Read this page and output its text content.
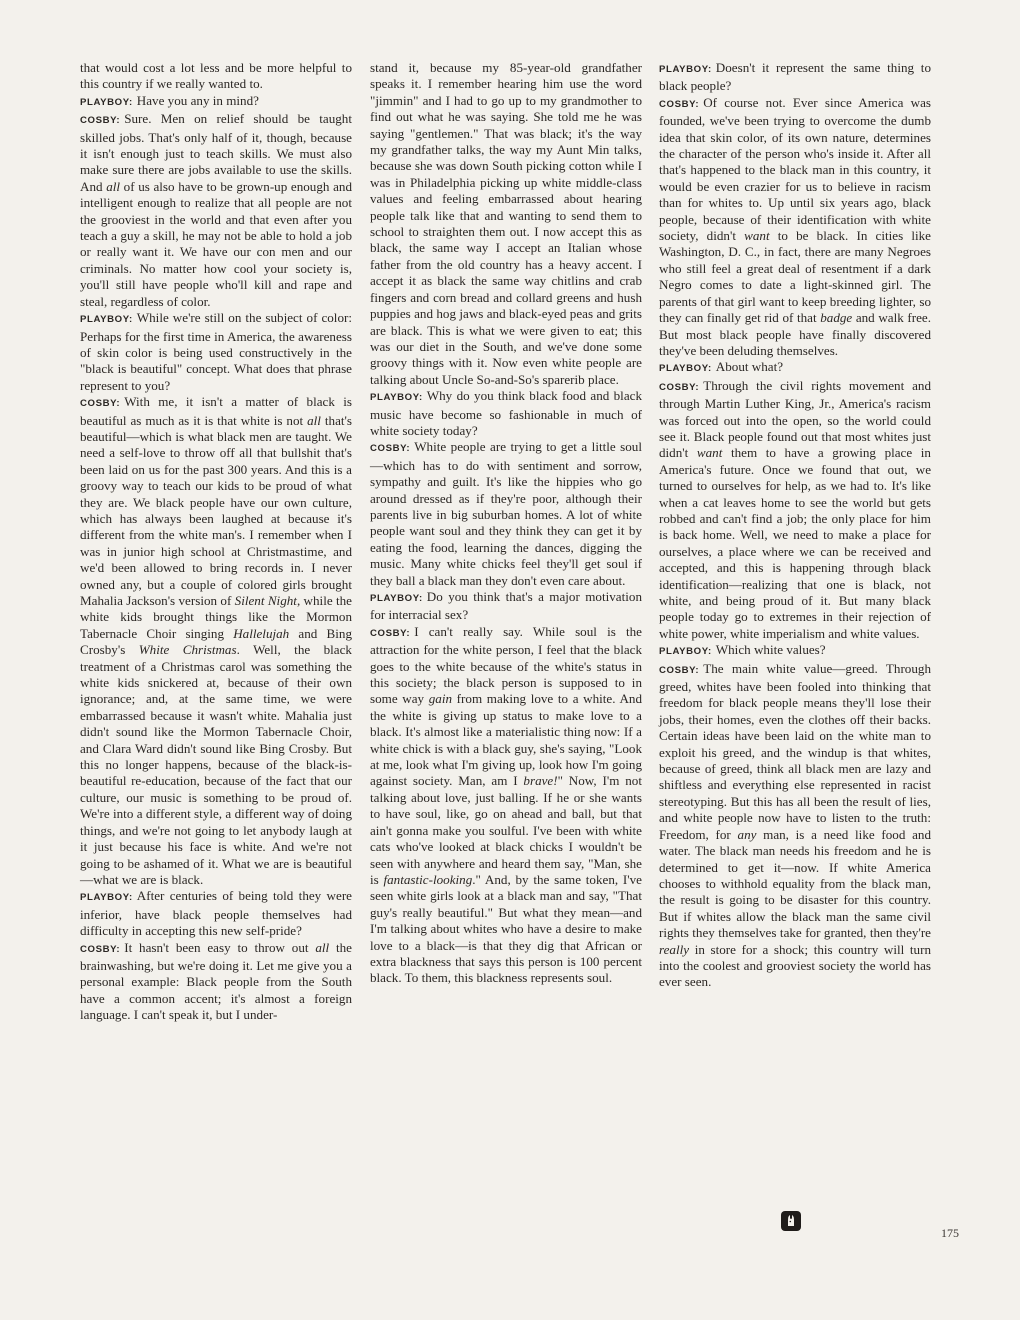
that would cost a lot less and be more helpful to this country if we really wanted to.

PLAYBOY: Have you any in mind?

COSBY: Sure. Men on relief should be taught skilled jobs. That's only half of it, though, because it isn't enough just to teach skills. We must also make sure there are jobs available to use the skills. And all of us also have to be grown-up enough and intelligent enough to realize that all people are not the grooviest in the world and that even after you teach a guy a skill, he may not be able to hold a job or really want it. We have our con men and our criminals. No matter how cool your society is, you'll still have people who'll kill and rape and steal, regardless of color.

PLAYBOY: While we're still on the subject of color: Perhaps for the first time in America, the awareness of skin color is being used constructively in the "black is beautiful" concept. What does that phrase represent to you?

COSBY: With me, it isn't a matter of black is beautiful as much as it is that white is not all that's beautiful—which is what black men are taught. We need a self-love to throw off all that bullshit that's been laid on us for the past 300 years. And this is a groovy way to teach our kids to be proud of what they are. We black people have our own culture, which has always been laughed at because it's different from the white man's. I remember when I was in junior high school at Christmastime, and we'd been allowed to bring records in. I never owned any, but a couple of colored girls brought Mahalia Jackson's version of Silent Night, while the white kids brought things like the Mormon Tabernacle Choir singing Hallelujah and Bing Crosby's White Christmas. Well, the black treatment of a Christmas carol was something the white kids snickered at, because of their own ignorance; and, at the same time, we were embarrassed because it wasn't white. Mahalia just didn't sound like the Mormon Tabernacle Choir, and Clara Ward didn't sound like Bing Crosby. But this no longer happens, because of the black-is-beautiful re-education, because of the fact that our culture, our music is something to be proud of. We're into a different style, a different way of doing things, and we're not going to let anybody laugh at it just because his face is white. And we're not going to be ashamed of it. What we are is beautiful—what we are is black.

PLAYBOY: After centuries of being told they were inferior, have black people themselves had difficulty in accepting this new self-pride?

COSBY: It hasn't been easy to throw out all the brainwashing, but we're doing it. Let me give you a personal example: Black people from the South have a common accent; it's almost a foreign language. I can't speak it, but I under-

stand it, because my 85-year-old grandfather speaks it. I remember hearing him use the word "jimmin" and I had to go up to my grandmother to find out what he was saying. She told me he was saying "gentlemen." That was black; it's the way my grandfather talks, the way my Aunt Min talks, because she was down South picking cotton while I was in Philadelphia picking up white middle-class values and feeling embarrassed about hearing people talk like that and wanting to send them to school to straighten them out. I now accept this as black, the same way I accept an Italian whose father from the old country has a heavy accent. I accept it as black the same way chitlins and crab fingers and corn bread and collard greens and hush puppies and hog jaws and black-eyed peas and grits are black. This is what we were given to eat; this was our diet in the South, and we've done some groovy things with it. Now even white people are talking about Uncle So-and-So's sparerib place.

PLAYBOY: Why do you think black food and black music have become so fashionable in much of white society today?

COSBY: White people are trying to get a little soul—which has to do with sentiment and sorrow, sympathy and guilt. It's like the hippies who go around dressed as if they're poor, although their parents live in big suburban homes. A lot of white people want soul and they think they can get it by eating the food, learning the dances, digging the music. Many white chicks feel they'll get soul if they ball a black man they don't even care about.

PLAYBOY: Do you think that's a major motivation for interracial sex?

COSBY: I can't really say. While soul is the attraction for the white person, I feel that the black goes to the white because of the white's status in this society; the black person is supposed to in some way gain from making love to a white. And the white is giving up status to make love to a black. It's almost like a materialistic thing now: If a white chick is with a black guy, she's saying, "Look at me, look what I'm giving up, look how I'm going against society. Man, am I brave!" Now, I'm not talking about love, just balling. If he or she wants to have soul, like, go on ahead and ball, but that ain't gonna make you soulful. I've been with white cats who've looked at black chicks I wouldn't be seen with anywhere and heard them say, "Man, she is fantastic-looking." And, by the same token, I've seen white girls look at a black man and say, "That guy's really beautiful." But what they mean—and I'm talking about whites who have a desire to make love to a black—is that they dig that African or extra blackness that says this person is 100 percent black. To them, this blackness represents soul.

PLAYBOY: Doesn't it represent the same thing to black people?

COSBY: Of course not. Ever since America was founded, we've been trying to overcome the dumb idea that skin color, of its own nature, determines the character of the person who's inside it. After all that's happened to the black man in this country, it would be even crazier for us to believe in racism than for whites to. Up until six years ago, black people, because of their identification with white society, didn't want to be black. In cities like Washington, D. C., in fact, there are many Negroes who still feel a great deal of resentment if a dark Negro comes to date a light-skinned girl. The parents of that girl want to keep breeding lighter, so they can finally get rid of that badge and walk free. But most black people have finally discovered they've been deluding themselves.

PLAYBOY: About what?

COSBY: Through the civil rights movement and through Martin Luther King, Jr., America's racism was forced out into the open, so the world could see it. Black people found out that most whites just didn't want them to have a growing place in America's future. Once we found that out, we turned to ourselves for help, as we had to. It's like when a cat leaves home to see the world but gets robbed and can't find a job; the only place for him is back home. Well, we need to make a place for ourselves, a place where we can be received and accepted, and this is happening through black identification—realizing that one is black, not white, and being proud of it. But many black people today go to extremes in their rejection of white power, white imperialism and white values.

PLAYBOY: Which white values?

COSBY: The main white value—greed. Through greed, whites have been fooled into thinking that freedom for black people means they'll lose their jobs, their homes, even the clothes off their backs. Certain ideas have been laid on the white man to exploit his greed, and the windup is that whites, because of greed, think all black men are lazy and shiftless and everything else represented in racist stereotyping. But this has all been the result of lies, and white people now have to listen to the truth: Freedom, for any man, is a need like food and water. The black man needs his freedom and he is determined to get it—now. If white America chooses to withhold equality from the black man, the result is going to be disaster for this country. But if whites allow the black man the same civil rights they themselves take for granted, then they're really in store for a shock; this country will turn into the coolest and grooviest society the world has ever seen.

175
